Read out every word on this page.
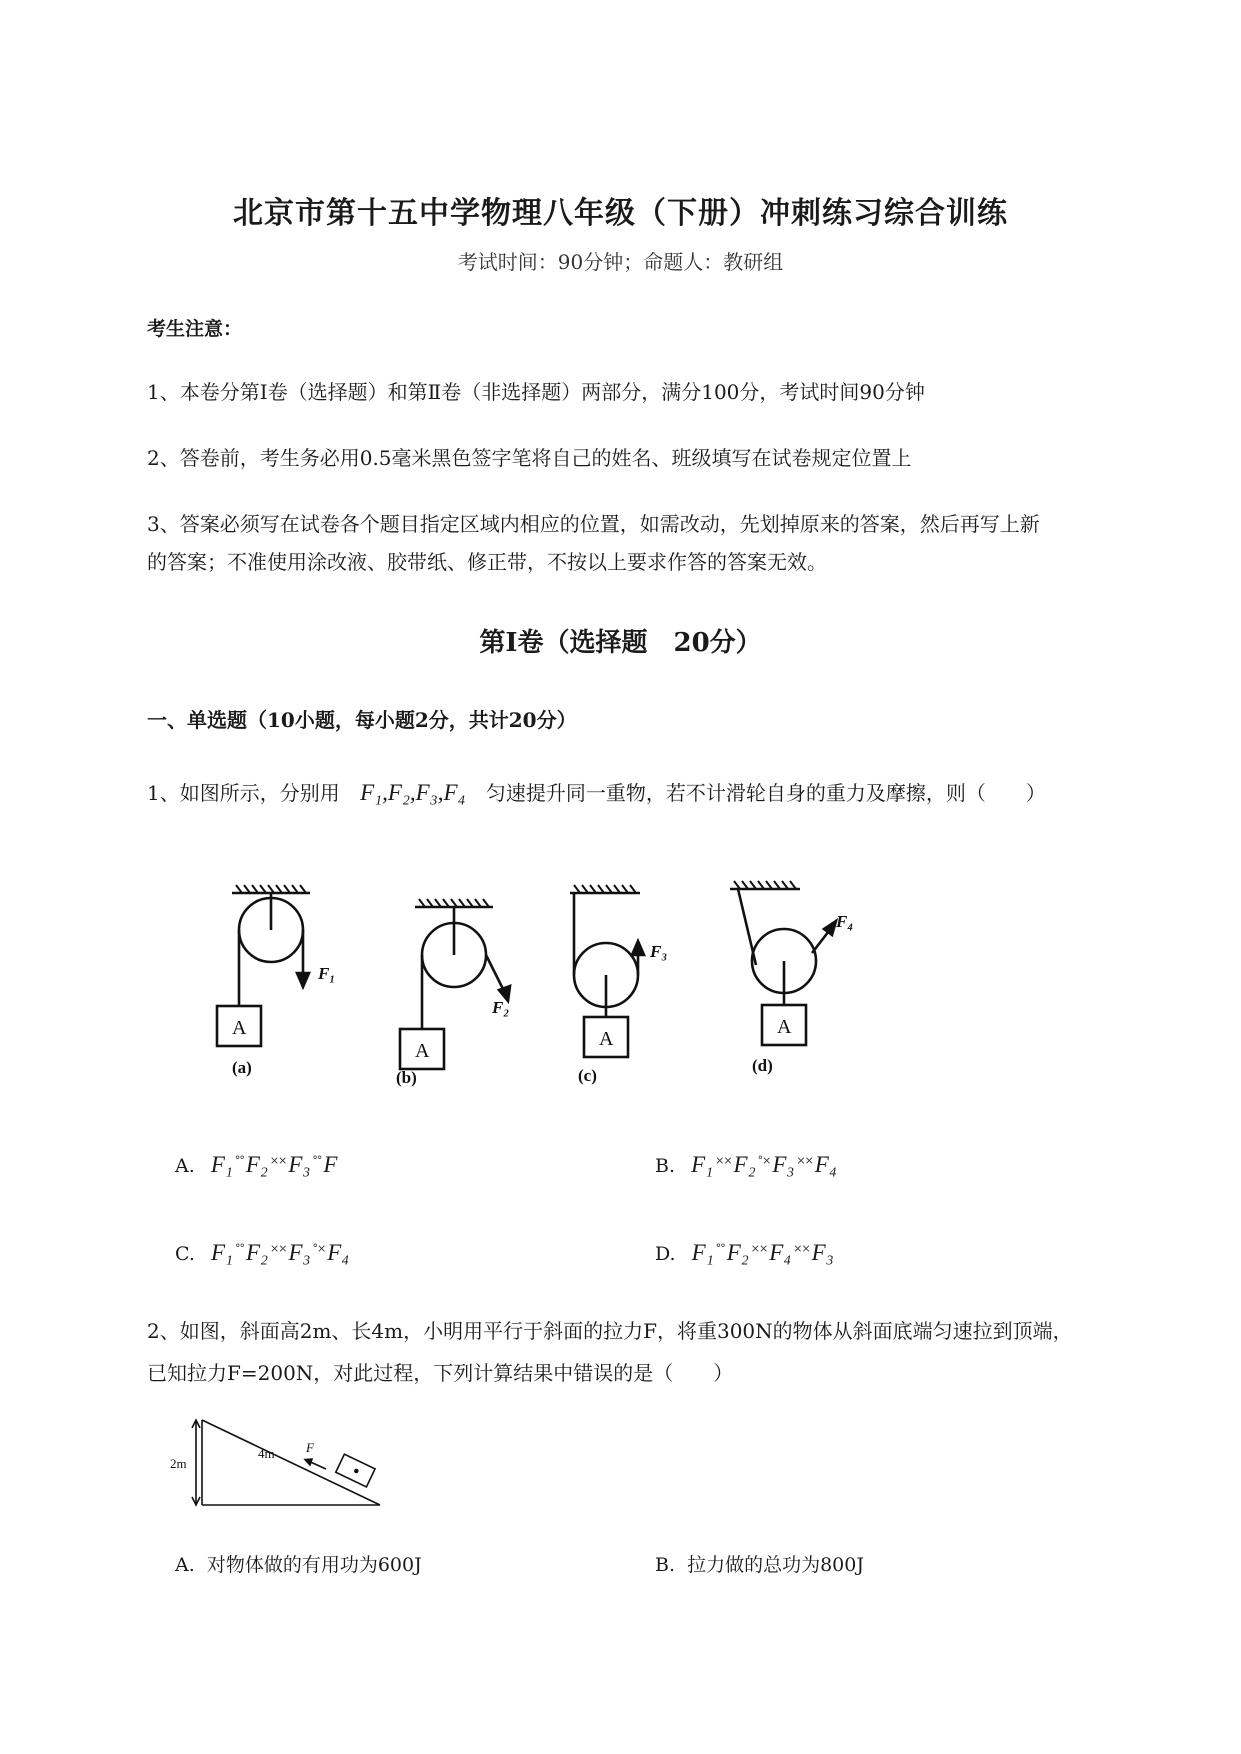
北京市第十五中学物理八年级（下册）冲刺练习综合训练
考试时间：90分钟；命题人：教研组
考生注意：
1、本卷分第I卷（选择题）和第Ⅱ卷（非选择题）两部分，满分100分，考试时间90分钟
2、答卷前，考生务必用0.5毫米黑色签字笔将自己的姓名、班级填写在试卷规定位置上
3、答案必须写在试卷各个题目指定区域内相应的位置，如需改动，先划掉原来的答案，然后再写上新
的答案；不准使用涂改液、胶带纸、修正带，不按以上要求作答的答案无效。
第I卷（选择题　20分）
一、单选题（10小题，每小题2分，共计20分）
1、如图所示，分别用 F₁,F₂,F₃,F₄ 匀速提升同一重物，若不计滑轮自身的重力及摩擦，则（　　）
A
A
A
A
F₁
F₂
F₃
F₄
(a)
(b)	(c)
(d)
A. F₁ °°F₂ ××F₃ °°F	B. F₁ ××F₂ °×F₃ ××F₄
C. F₁ °°F₂ ××F₃ °×F₄	D. F₁ °°F₂ ××F₄ ××F₃
2、如图，斜面高2m、长4m，小明用平行于斜面的拉力F，将重300N的物体从斜面底端匀速拉到顶端，
已知拉力F=200N，对此过程，下列计算结果中错误的是（　　）
2m
4m F
A. 对物体做的有用功为600J	B. 拉力做的总功为800J
